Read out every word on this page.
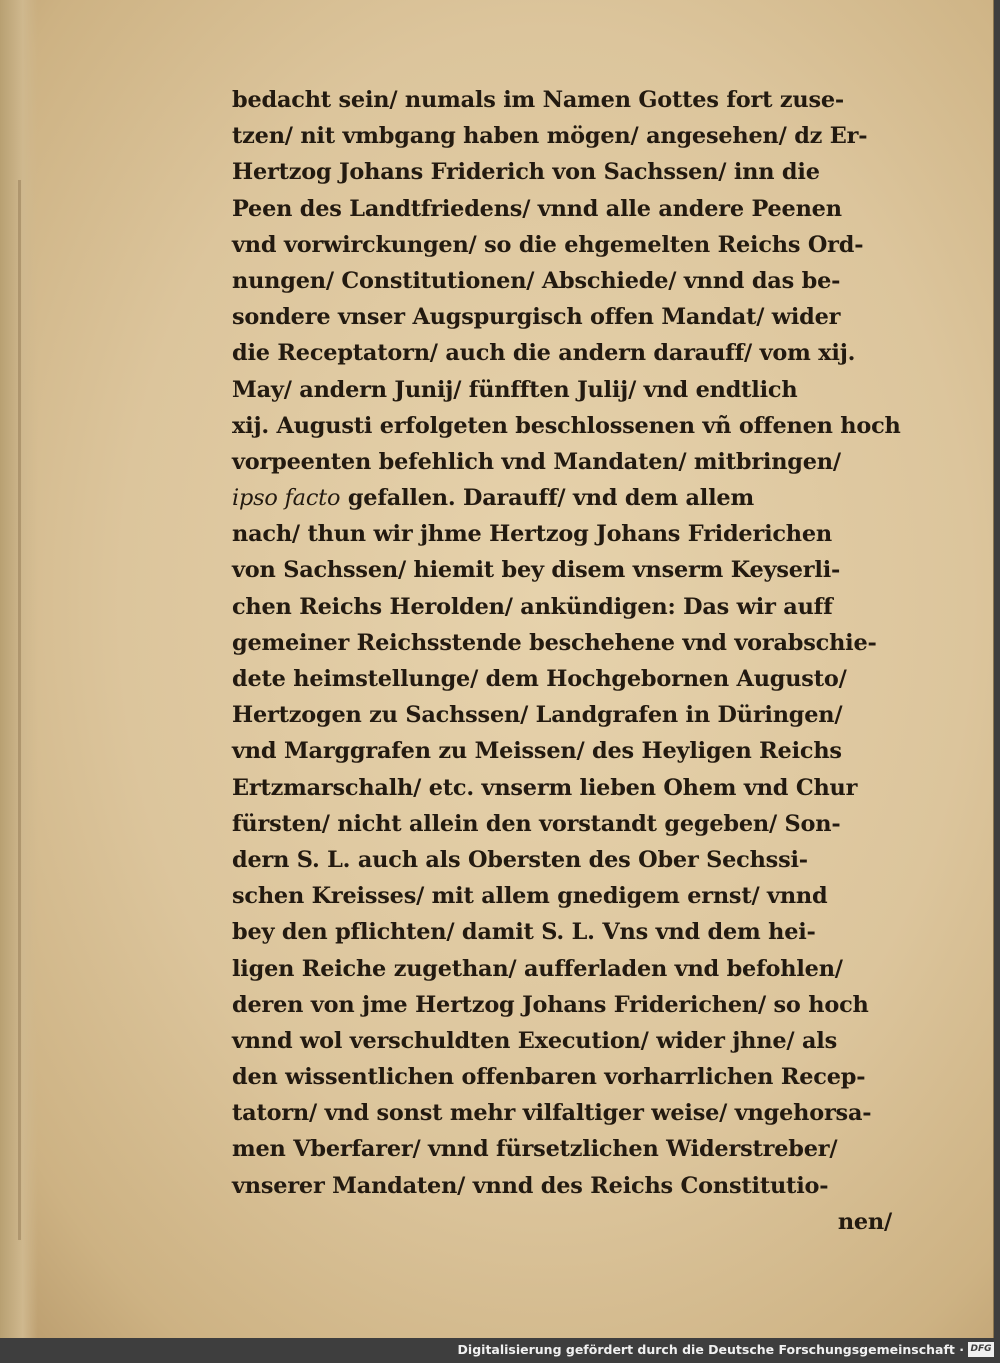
bedacht sein/ numals im Namen Gottes fort zuse-
tzen/ nit vmbgang haben mögen/ angesehen/ dz Er-
Hertzog Johans Friderich von Sachssen/ inn die
Peen des Landtfriedens/ vnnd alle andere Peenen
vnd vorwirckungen/ so die ehgemelten Reichs Ord-
nungen/ Constitutionen/ Abschiede/ vnnd das be-
sondere vnser Augspurgisch offen Mandat/ wider
die Receptatorn/ auch die andern darauff/ vom xij.
May/ andern Junij/ fünfften Julij/ vnd endtlich
xij. Augusti erfolgeten beschlossenen vñ offenen hoch
vorpeenten befehlich vnd Mandaten/ mitbringen/
ipso facto gefallen. Darauff/ vnd dem allem
nach/ thun wir jhme Hertzog Johans Friderichen
von Sachssen/ hiemit bey disem vnserm Keyserli-
chen Reichs Herolden/ ankündigen: Das wir auff
gemeiner Reichsstende beschehene vnd vorabschie-
dete heimstellunge/ dem Hochgebornen Augusto/
Hertzogen zu Sachssen/ Landgrafen in Düringen/
vnd Marggrafen zu Meissen/ des Heyligen Reichs
Ertzmarschalh/ etc. vnserm lieben Ohem vnd Chur
fürsten/ nicht allein den vorstandt gegeben/ Son-
dern S. L. auch als Obersten des Ober Sechssi-
schen Kreisses/ mit allem gnedigem ernst/ vnnd
bey den pflichten/ damit S. L. Vns vnd dem hei-
ligen Reiche zugethan/ aufferladen vnd befohlen/
deren von jme Hertzog Johans Friderichen/ so hoch
vnnd wol verschuldten Execution/ wider jhne/ als
den wissentlichen offenbaren vorharrlichen Recep-
tatorn/ vnd sonst mehr vilfaltiger weise/ vngehorsa-
men Vberfarer/ vnnd fürsetzlichen Widerstreber/
vnserer Mandaten/ vnnd des Reichs Constitutio-
nen/
Digitalisierung gefördert durch die Deutsche Forschungsgemeinschaft · DFG
